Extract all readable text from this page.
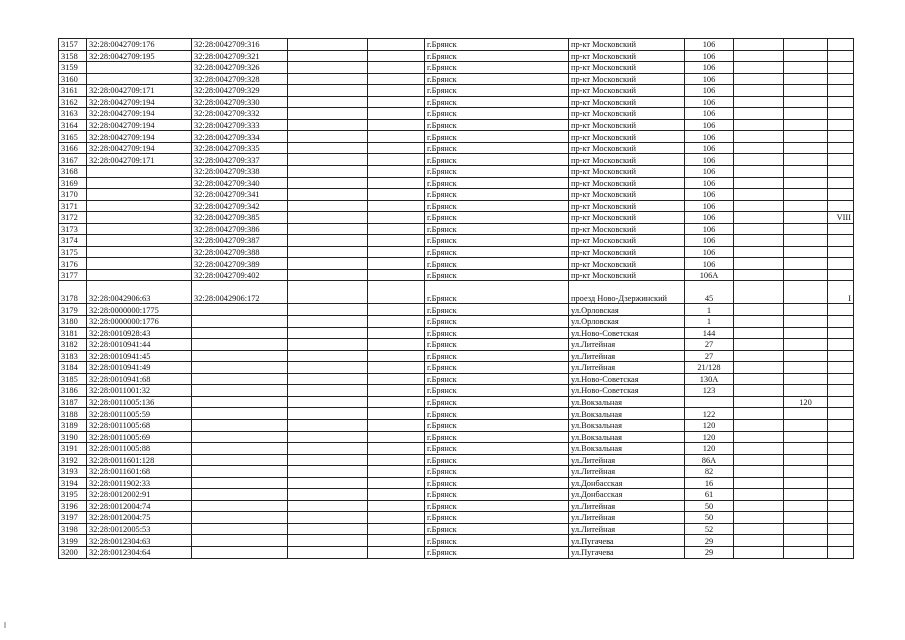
3157	32:28:0042709:176	32:28:0042709:316			г.Брянск	пр-кт Московский	106			
3158	32:28:0042709:195	32:28:0042709:321			г.Брянск	пр-кт Московский	106			
3159		32:28:0042709:326			г.Брянск	пр-кт Московский	106			
3160		32:28:0042709:328			г.Брянск	пр-кт Московский	106			
3161	32:28:0042709:171	32:28:0042709:329			г.Брянск	пр-кт Московский	106			
3162	32:28:0042709:194	32:28:0042709:330			г.Брянск	пр-кт Московский	106			
3163	32:28:0042709:194	32:28:0042709:332			г.Брянск	пр-кт Московский	106			
3164	32:28:0042709:194	32:28:0042709:333			г.Брянск	пр-кт Московский	106			
3165	32:28:0042709:194	32:28:0042709:334			г.Брянск	пр-кт Московский	106			
3166	32:28:0042709:194	32:28:0042709:335			г.Брянск	пр-кт Московский	106			
3167	32:28:0042709:171	32:28:0042709:337			г.Брянск	пр-кт Московский	106			
3168		32:28:0042709:338			г.Брянск	пр-кт Московский	106			
3169		32:28:0042709:340			г.Брянск	пр-кт Московский	106			
3170		32:28:0042709:341			г.Брянск	пр-кт Московский	106			
3171		32:28:0042709:342			г.Брянск	пр-кт Московский	106			
3172		32:28:0042709:385			г.Брянск	пр-кт Московский	106			VIII
3173		32:28:0042709:386			г.Брянск	пр-кт Московский	106			
3174		32:28:0042709:387			г.Брянск	пр-кт Московский	106			
3175		32:28:0042709:388			г.Брянск	пр-кт Московский	106			
3176		32:28:0042709:389			г.Брянск	пр-кт Московский	106			
3177		32:28:0042709:402			г.Брянск	пр-кт Московский	106А			
3178	32:28:0042906:63	32:28:0042906:172			г.Брянск	проезд Ново-Дзержинский	45			I
3179	32:28:0000000:1775				г.Брянск	ул.Орловская	1			
3180	32:28:0000000:1776				г.Брянск	ул.Орловская	1			
3181	32:28:0010928:43				г.Брянск	ул.Ново-Советская	144			
3182	32:28:0010941:44				г.Брянск	ул.Литейная	27			
3183	32:28:0010941:45				г.Брянск	ул.Литейная	27			
3184	32:28:0010941:49				г.Брянск	ул.Литейная	21/128			
3185	32:28:0010941:68				г.Брянск	ул.Ново-Советская	130А			
3186	32:28:0011001:32				г.Брянск	ул.Ново-Советская	123			
3187	32:28:0011005:136				г.Брянск	ул.Вокзальная			120	
3188	32:28:0011005:59				г.Брянск	ул.Вокзальная	122			
3189	32:28:0011005:68				г.Брянск	ул.Вокзальная	120			
3190	32:28:0011005:69				г.Брянск	ул.Вокзальная	120			
3191	32:28:0011005:88				г.Брянск	ул.Вокзальная	120			
3192	32:28:0011601:128				г.Брянск	ул.Литейная	86А			
3193	32:28:0011601:68				г.Брянск	ул.Литейная	82			
3194	32:28:0011902:33				г.Брянск	ул.Донбасская	16			
3195	32:28:0012002:91				г.Брянск	ул.Донбасская	61			
3196	32:28:0012004:74				г.Брянск	ул.Литейная	50			
3197	32:28:0012004:75				г.Брянск	ул.Литейная	50			
3198	32:28:0012005:53				г.Брянск	ул.Литейная	52			
3199	32:28:0012304:63				г.Брянск	ул.Пугачева	29			
3200	32:28:0012304:64				г.Брянск	ул.Пугачева	29			
